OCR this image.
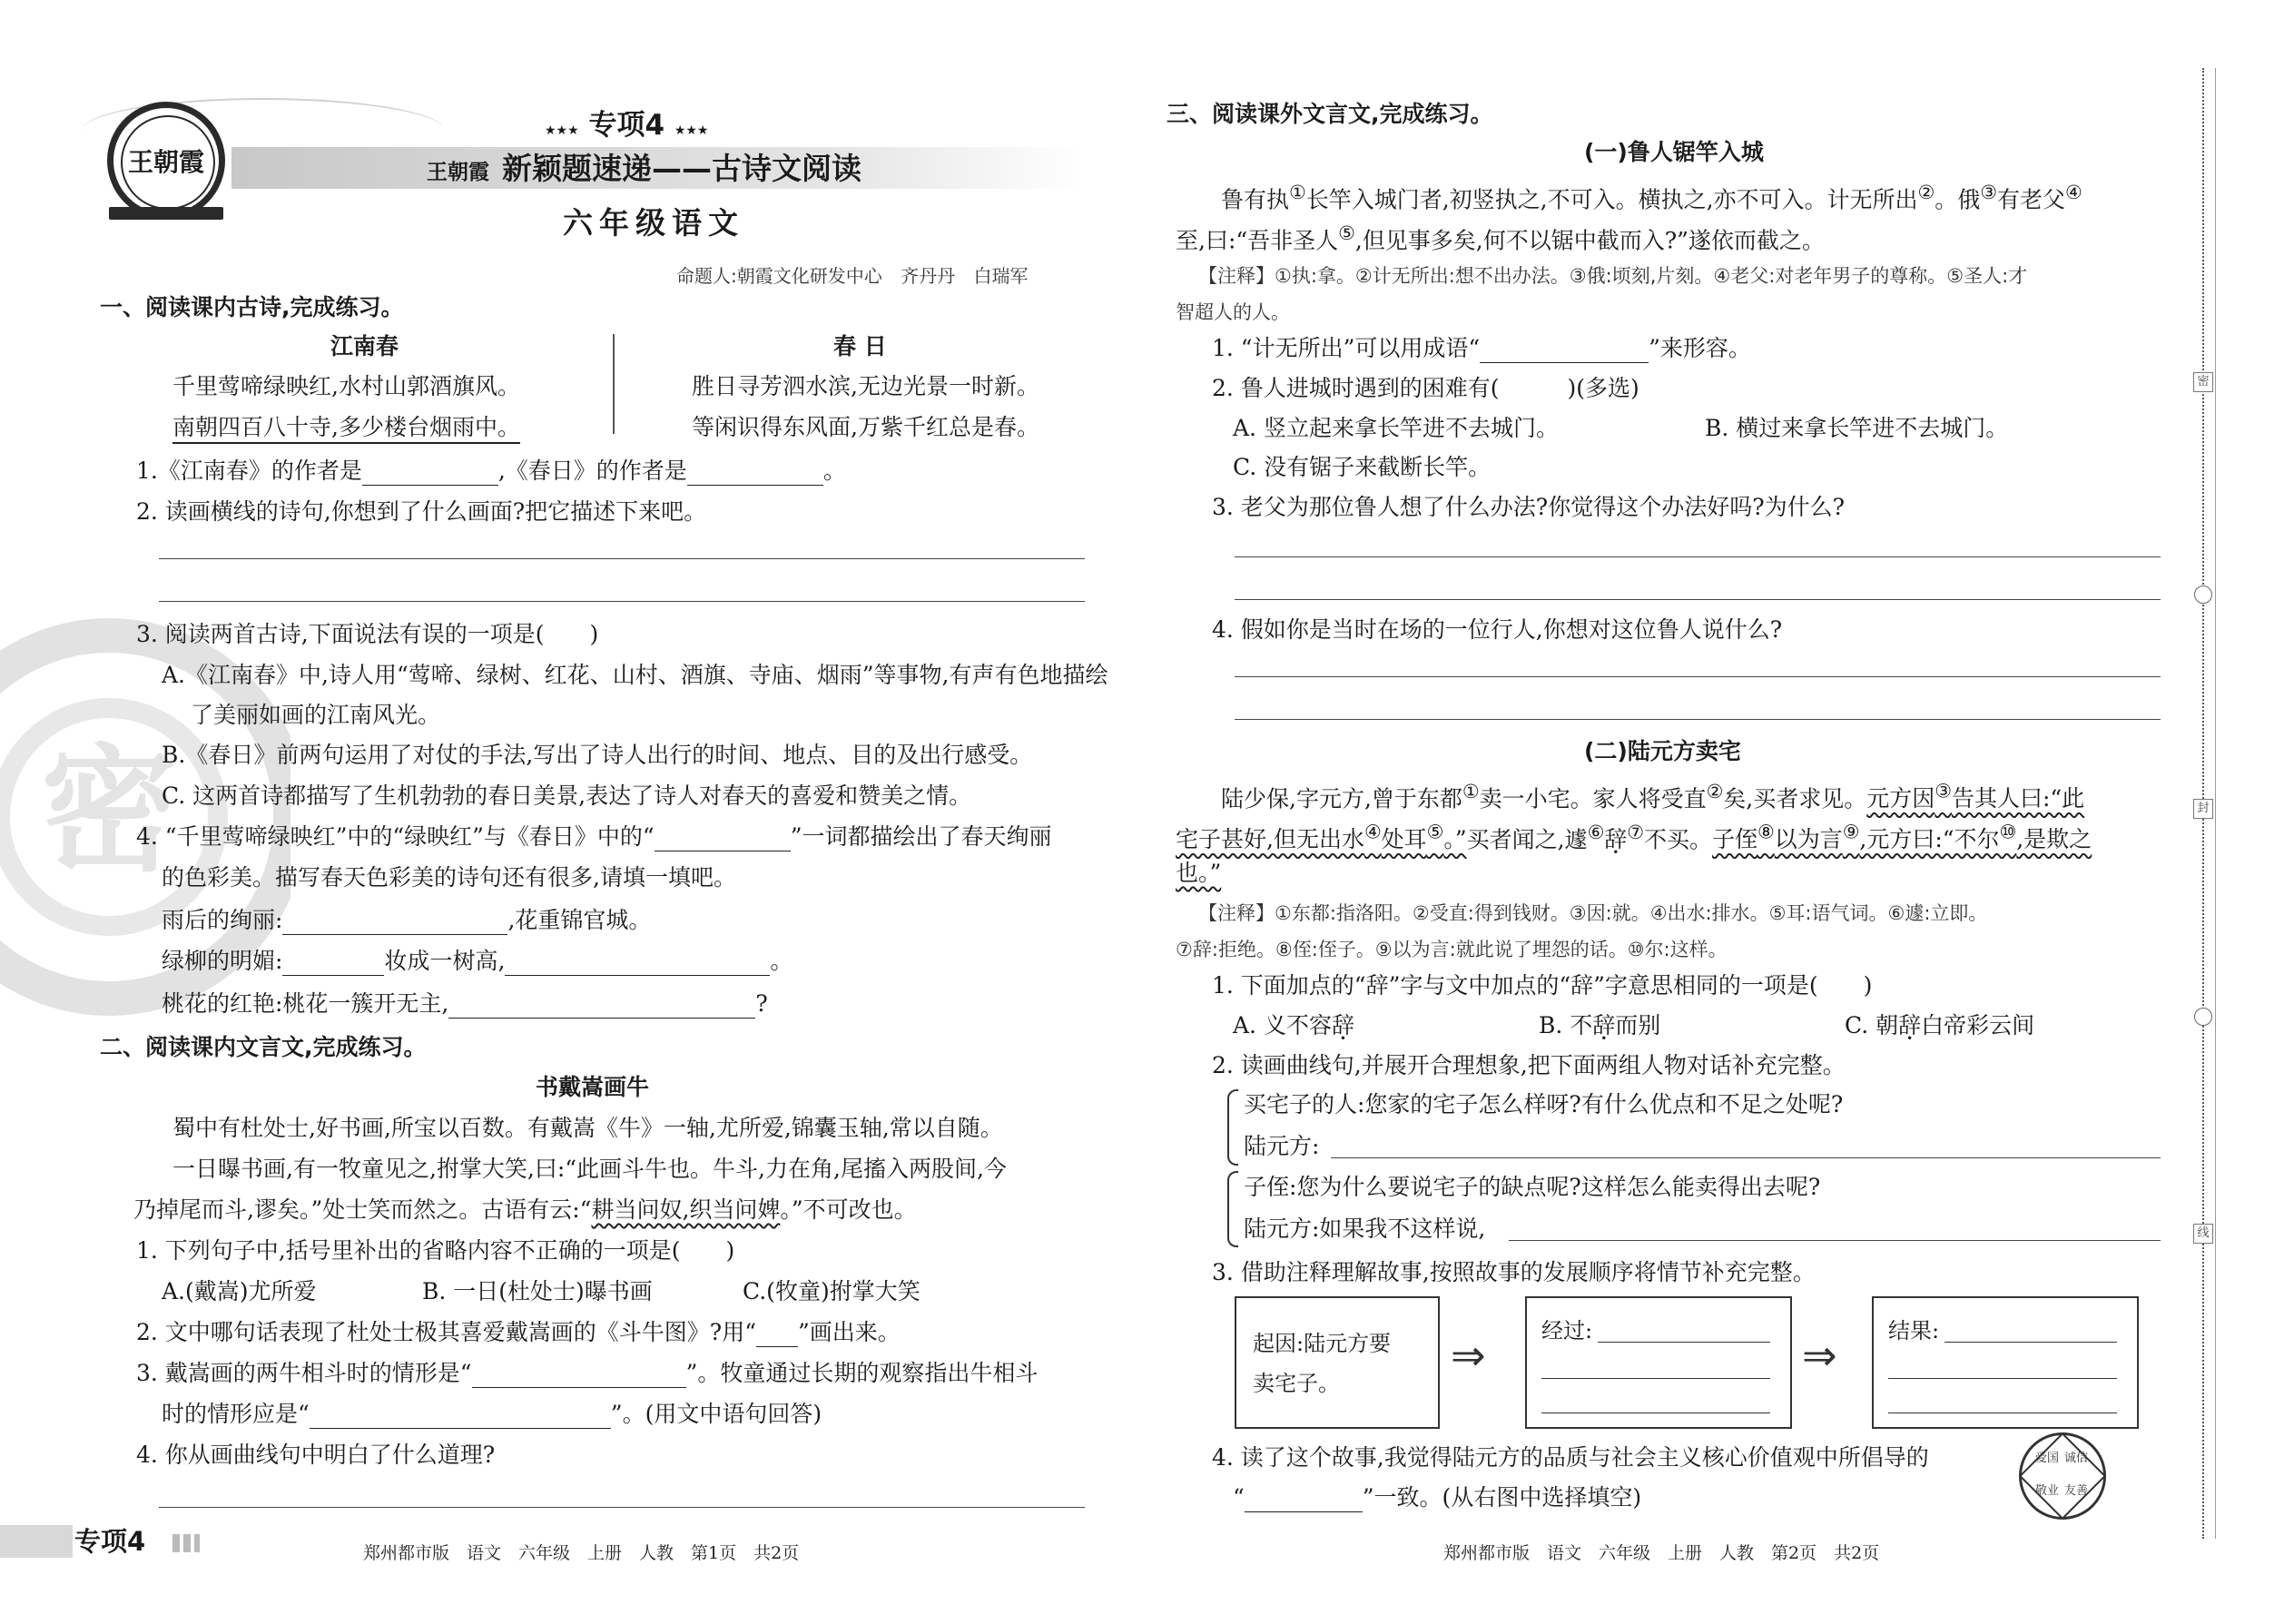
密
王朝霞
★★★ 专项4 ★★★
王朝霞 新颖题速递——古诗文阅读
六年级语文
命题人:朝霞文化研发中心 齐丹丹 白瑞军
一、阅读课内古诗,完成练习。
江南春
千里莺啼绿映红,水村山郭酒旗风。
南朝四百八十寺,多少楼台烟雨中。
春 日
胜日寻芳泗水滨,无边光景一时新。
等闲识得东风面,万紫千红总是春。
1.《江南春》的作者是	,《春日》的作者是	。
2. 读画横线的诗句,你想到了什么画面?把它描述下来吧。
3. 阅读两首古诗,下面说法有误的一项是(　　)
A.《江南春》中,诗人用“莺啼、绿树、红花、山村、酒旗、寺庙、烟雨”等事物,有声有色地描绘
了美丽如画的江南风光。
B.《春日》前两句运用了对仗的手法,写出了诗人出行的时间、地点、目的及出行感受。
C. 这两首诗都描写了生机勃勃的春日美景,表达了诗人对春天的喜爱和赞美之情。
4. “千里莺啼绿映红”中的“绿映红”与《春日》中的“	”一词都描绘出了春天绚丽
的色彩美。描写春天色彩美的诗句还有很多,请填一填吧。
雨后的绚丽:	,花重锦官城。
绿柳的明媚:	妆成一树高,	。
桃花的红艳:桃花一簇开无主,	?
二、阅读课内文言文,完成练习。
书戴嵩画牛
蜀中有杜处士,好书画,所宝以百数。有戴嵩《牛》一轴,尤所爱,锦囊玉轴,常以自随。
一日曝书画,有一牧童见之,拊掌大笑,曰:“此画斗牛也。牛斗,力在角,尾搐入两股间,今
乃掉尾而斗,谬矣。”处士笑而然之。古语有云:“耕当问奴,织当问婢。”不可改也。
1. 下列句子中,括号里补出的省略内容不正确的一项是(　　)
A.(戴嵩)尤所爱	B. 一日(杜处士)曝书画	C.(牧童)拊掌大笑
2. 文中哪句话表现了杜处士极其喜爱戴嵩画的《斗牛图》?用“ ”画出来。
3. 戴嵩画的两牛相斗时的情形是“	”。牧童通过长期的观察指出牛相斗
时的情形应是“	”。(用文中语句回答)
4. 你从画曲线句中明白了什么道理?
三、阅读课外文言文,完成练习。
(一)鲁人锯竿入城
鲁有执①长竿入城门者,初竖执之,不可入。横执之,亦不可入。计无所出②。俄③有老父④
至,曰:“吾非圣人⑤,但见事多矣,何不以锯中截而入?”遂依而截之。
【注释】①执:拿。②计无所出:想不出办法。③俄:顷刻,片刻。④老父:对老年男子的尊称。⑤圣人:才
智超人的人。
1. “计无所出”可以用成语“	”来形容。
2. 鲁人进城时遇到的困难有(　　　)(多选)
A. 竖立起来拿长竿进不去城门。	B. 横过来拿长竿进不去城门。
C. 没有锯子来截断长竿。
3. 老父为那位鲁人想了什么办法?你觉得这个办法好吗?为什么?
4. 假如你是当时在场的一位行人,你想对这位鲁人说什么?
(二)陆元方卖宅
陆少保,字元方,曾于东都①卖一小宅。家人将受直②矣,买者求见。元方因③告其人曰:“此
宅子甚好,但无出水④处耳⑤。”买者闻之,遽⑥辞⑦不买。子侄⑧以为言⑨,元方曰:“不尔⑩,是欺之
也。”
【注释】①东都:指洛阳。②受直:得到钱财。③因:就。④出水:排水。⑤耳:语气词。⑥遽:立即。
⑦辞:拒绝。⑧侄:侄子。⑨以为言:就此说了埋怨的话。⑩尔:这样。
1. 下面加点的“辞”字与文中加点的“辞”字意思相同的一项是(　　)
A. 义不容辞	B. 不辞而别	C. 朝辞白帝彩云间
2. 读画曲线句,并展开合理想象,把下面两组人物对话补充完整。
买宅子的人:您家的宅子怎么样呀?有什么优点和不足之处呢?
陆元方:
子侄:您为什么要说宅子的缺点呢?这样怎么能卖得出去呢?
陆元方:如果我不这样说,
3. 借助注释理解故事,按照故事的发展顺序将情节补充完整。
起因:陆元方要
卖宅子。
⇒	经过:	⇒ 结果:
4. 读了这个故事,我觉得陆元方的品质与社会主义核心价值观中所倡导的
“	”一致。(从右图中选择填空)
爱国 诚信
敬业 友善
专项4	郑州都市版　语文　六年级　上册　人教　第1页　共2页	郑州都市版　语文　六年级　上册　人教　第2页　共2页
密
封
线
